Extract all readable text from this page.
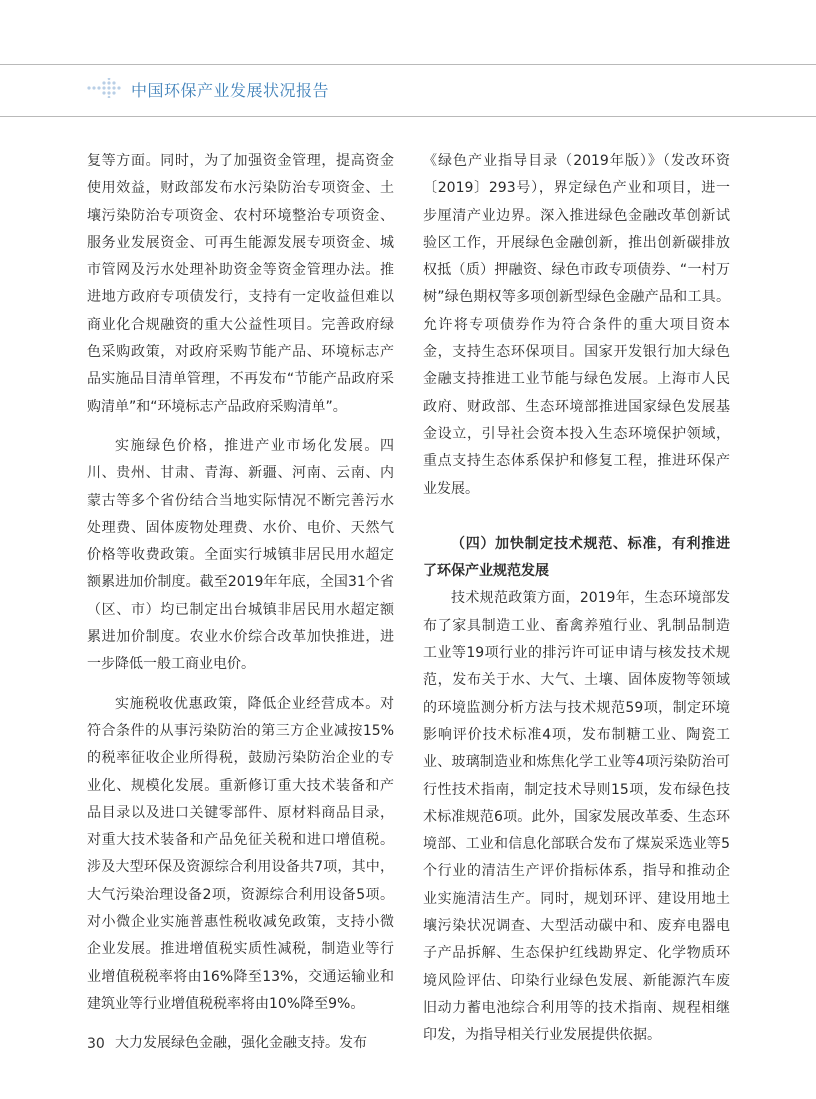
中国环保产业发展状况报告

复等方面。同时，为了加强资金管理，提高资金使用效益，财政部发布水污染防治专项资金、土壤污染防治专项资金、农村环境整治专项资金、服务业发展资金、可再生能源发展专项资金、城市管网及污水处理补助资金等资金管理办法。推进地方政府专项债发行，支持有一定收益但难以商业化合规融资的重大公益性项目。完善政府绿色采购政策，对政府采购节能产品、环境标志产品实施品目清单管理，不再发布“节能产品政府采购清单”和“环境标志产品政府采购清单”。

实施绿色价格，推进产业市场化发展。四川、贵州、甘肃、青海、新疆、河南、云南、内蒙古等多个省份结合当地实际情况不断完善污水处理费、固体废物处理费、水价、电价、天然气价格等收费政策。全面实行城镇非居民用水超定额累进加价制度。截至2019年年底，全国31个省（区、市）均已制定出台城镇非居民用水超定额累进加价制度。农业水价综合改革加快推进，进一步降低一般工商业电价。

实施税收优惠政策，降低企业经营成本。对符合条件的从事污染防治的第三方企业减按15%的税率征收企业所得税，鼓励污染防治企业的专业化、规模化发展。重新修订重大技术装备和产品目录以及进口关键零部件、原材料商品目录，对重大技术装备和产品免征关税和进口增值税。涉及大型环保及资源综合利用设备共7项，其中，大气污染治理设备2项，资源综合利用设备5项。对小微企业实施普惠性税收减免政策，支持小微企业发展。推进增值税实质性减税，制造业等行业增值税税率将由16%降至13%，交通运输业和建筑业等行业增值税税率将由10%降至9%。

大力发展绿色金融，强化金融支持。发布

《绿色产业指导目录（2019年版）》（发改环资〔2019〕293号），界定绿色产业和项目，进一步厘清产业边界。深入推进绿色金融改革创新试验区工作，开展绿色金融创新，推出创新碳排放权抵（质）押融资、绿色市政专项债券、“一村万树”绿色期权等多项创新型绿色金融产品和工具。允许将专项债券作为符合条件的重大项目资本金，支持生态环保项目。国家开发银行加大绿色金融支持推进工业节能与绿色发展。上海市人民政府、财政部、生态环境部推进国家绿色发展基金设立，引导社会资本投入生态环境保护领域，重点支持生态体系保护和修复工程，推进环保产业发展。

（四）加快制定技术规范、标准，有利推进了环保产业规范发展

技术规范政策方面，2019年，生态环境部发布了家具制造工业、畜禽养殖行业、乳制品制造工业等19项行业的排污许可证申请与核发技术规范，发布关于水、大气、土壤、固体废物等领域的环境监测分析方法与技术规范59项，制定环境影响评价技术标准4项，发布制糖工业、陶瓷工业、玻璃制造业和炼焦化学工业等4项污染防治可行性技术指南，制定技术导则15项，发布绿色技术标准规范6项。此外，国家发展改革委、生态环境部、工业和信息化部联合发布了煤炭采选业等5个行业的清洁生产评价指标体系，指导和推动企业实施清洁生产。同时，规划环评、建设用地土壤污染状况调查、大型活动碳中和、废弃电器电子产品拆解、生态保护红线勘界定、化学物质环境风险评估、印染行业绿色发展、新能源汽车废旧动力蓄电池综合利用等的技术指南、规程相继印发，为指导相关行业发展提供依据。

30
